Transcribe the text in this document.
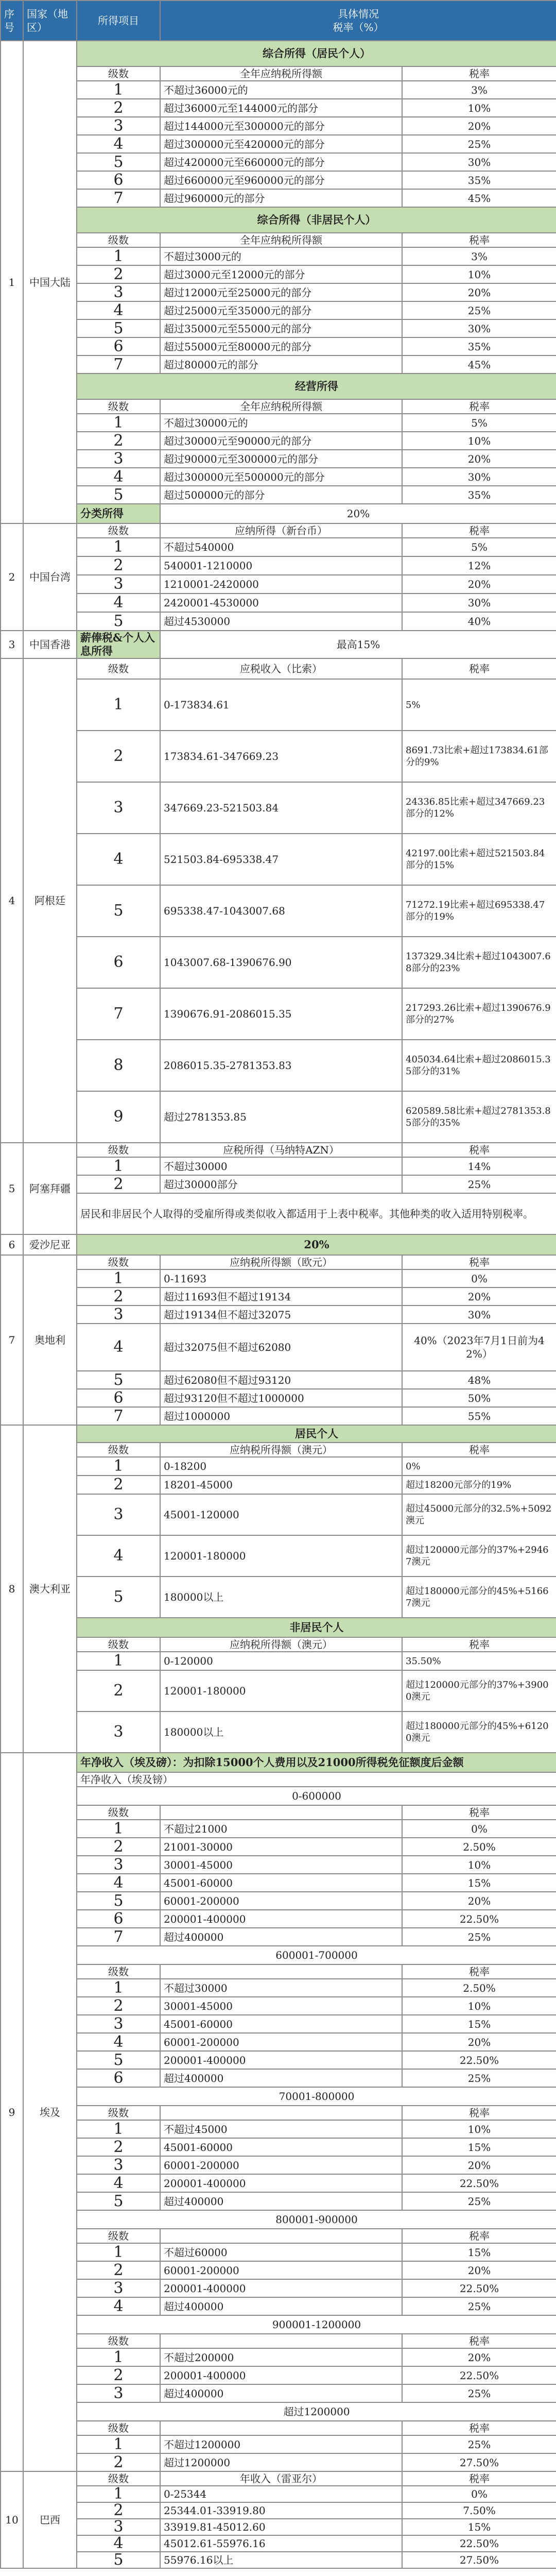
序号	国家（地区）	所得项目	具体情况
税率（%）	

1	中国大陆	综合所得（居民个人）		
		级数	全年应纳税所得额	税率
		1	不超过36000元的	3%
		2	超过36000元至144000元的部分	10%
		3	超过144000元至300000元的部分	20%
		4	超过300000元至420000元的部分	25%
		5	超过420000元至660000元的部分	30%
		6	超过660000元至960000元的部分	35%
		7	超过960000元的部分	45%
		综合所得（非居民个人）		
		级数	全年应纳税所得额	税率
		1	不超过3000元的	3%
		2	超过3000元至12000元的部分	10%
		3	超过12000元至25000元的部分	20%
		4	超过25000元至35000元的部分	25%
		5	超过35000元至55000元的部分	30%
		6	超过55000元至80000元的部分	35%
		7	超过80000元的部分	45%
		经营所得		
		级数	全年应纳税所得额	税率
		1	不超过30000元的	5%
		2	超过30000元至90000元的部分	10%
		3	超过90000元至300000元的部分	20%
		4	超过300000元至500000元的部分	30%
		5	超过500000元的部分	35%
		分类所得	20%	
2	中国台湾	级数	应纳所得（新台币）	税率
		1	不超过540000	5%
		2	540001-1210000	12%
		3	1210001-2420000	20%
		4	2420001-4530000	30%
		5	超过4530000	40%
3	中国香港	薪俸税&个人入息所得	最高15%	
4	阿根廷	级数	应税收入（比索）	税率
		1	0-173834.61	5%
		2	173834.61-347669.23	8691.73比索+超过173834.61部分的9%
		3	347669.23-521503.84	24336.85比索+超过347669.23部分的12%
		4	521503.84-695338.47	42197.00比索+超过521503.84部分的15%
		5	695338.47-1043007.68	71272.19比索+超过695338.47部分的19%
		6	1043007.68-1390676.90	137329.34比索+超过1043007.68部分的23%
		7	1390676.91-2086015.35	217293.26比索+超过1390676.9部分的27%
		8	2086015.35-2781353.83	405034.64比索+超过2086015.35部分的31%
		9	超过2781353.85	620589.58比索+超过2781353.85部分的35%
5	阿塞拜疆	级数	应税所得（马纳特AZN）	税率
		1	不超过30000	14%
		2	超过30000部分	25%
		居民和非居民个人取得的受雇所得或类似收入都适用于上表中税率。其他种类的收入适用特别税率。		
6	爱沙尼亚	20%		
7	奥地利	级数	应纳税所得额（欧元）	税率
		1	0-11693	0%
		2	超过11693但不超过19134	20%
		3	超过19134但不超过32075	30%
		4	超过32075但不超过62080	40%（2023年7月1日前为42%）
		5	超过62080但不超过93120	48%
		6	超过93120但不超过1000000	50%
		7	超过1000000	55%
8	澳大利亚	居民个人		
		级数	应纳税所得额（澳元）	税率
		1	0-18200	0%
		2	18201-45000	超过18200元部分的19%
		3	45001-120000	超过45000元部分的32.5%+5092澳元
		4	120001-180000	超过120000元部分的37%+29467澳元
		5	180000以上	超过180000元部分的45%+51667澳元
		非居民个人		
		级数	应纳税所得额（澳元）	税率
		1	0-120000	35.50%
		2	120001-180000	超过120000元部分的37%+39000澳元
		3	180000以上	超过180000元部分的45%+61200澳元
9	埃及	年净收入（埃及磅）：为扣除15000个人费用以及21000所得税免征额度后金额		
		年净收入（埃及镑）		
		0-600000		
		级数		税率
		1	不超过21000	0%
		2	21001-30000	2.50%
		3	30001-45000	10%
		4	45001-60000	15%
		5	60001-200000	20%
		6	200001-400000	22.50%
		7	超过400000	25%
		600001-700000		
		级数		税率
		1	不超过30000	2.50%
		2	30001-45000	10%
		3	45001-60000	15%
		4	60001-200000	20%
		5	200001-400000	22.50%
		6	超过400000	25%
		70001-800000		
		级数		税率
		1	不超过45000	10%
		2	45001-60000	15%
		3	60001-200000	20%
		4	200001-400000	22.50%
		5	超过400000	25%
		800001-900000		
		级数		税率
		1	不超过60000	15%
		2	60001-200000	20%
		3	200001-400000	22.50%
		4	超过400000	25%
		900001-1200000		
		级数		税率
		1	不超过200000	20%
		2	200001-400000	22.50%
		3	超过400000	25%
		超过1200000		
		级数		税率
		1	不超过1200000	25%
		2	超过1200000	27.50%
10	巴西	级数	年收入（雷亚尔）	税率
		1	0-25344	0%
		2	25344.01-33919.80	7.50%
		3	33919.81-45012.60	15%
		4	45012.61-55976.16	22.50%
		5	55976.16以上	27.50%
